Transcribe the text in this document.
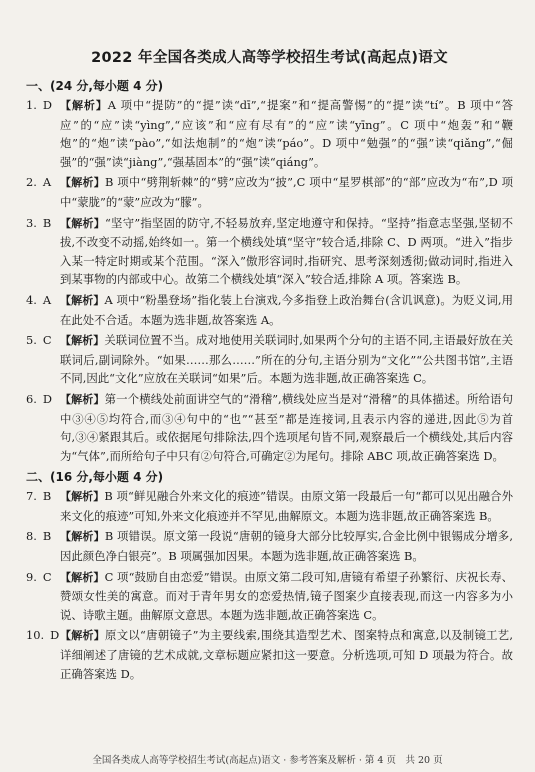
2022 年全国各类成人高等学校招生考试(高起点)语文
一、(24 分,每小题 4 分)
1. D 【解析】A 项中“提防”的“提”读“dī”,“提案”和“提高警惕”的“提”读“tí”。B 项中“答应”的“应”读“yìng”,“应该”和“应有尽有”的“应”读“yīng”。C 项中“炮轰”和“鞭炮”的“炮”读“pào”,“如法炮制”的“炮”读“páo”。D 项中“勉强”的“强”读“qiǎng”,“倔强”的“强”读“jiàng”,“强基固本”的“强”读“qiáng”。
2. A 【解析】B 项中“劈荆斩棘”的“劈”应改为“披”,C 项中“星罗棋部”的“部”应改为“布”,D 项中“蒙胧”的“蒙”应改为“朦”。
3. B 【解析】“坚守”指坚固的防守,不轻易放弃,坚定地遵守和保持。“坚持”指意志坚强,坚韧不拔,不改变不动摇,始终如一。第一个横线处填“坚守”较合适,排除 C、D 两项。“进入”指步入某一特定时期或某个范围。“深入”傲形容词时,指研究、思考深刻透彻;做动词时,指进入到某事物的内部或中心。故第二个横线处填“深入”较合适,排除 A 项。答案选 B。
4. A 【解析】A 项中“粉墨登场”指化装上台演戏,今多指登上政治舞台(含讥讽意)。为贬义词,用在此处不合适。本题为选非题,故答案选 A。
5. C 【解析】关联词位置不当。成对地使用关联词时,如果两个分句的主语不同,主语最好放在关联词后,副词除外。“如果……那么……”所在的分句,主语分别为“文化”“公共图书馆”,主语不同,因此“文化”应放在关联词“如果”后。本题为选非题,故正确答案选 C。
6. D 【解析】第一个横线处前面讲空气的“滑稽”,横线处应当是对“滑稽”的具体描述。所给语句中③④⑤均符合,而③④句中的“也”“甚至”都是连接词,且表示内容的递进,因此⑤为首句,③④紧跟其后。或依据尾句排除法,四个选项尾句皆不同,观察最后一个横线处,其后内容为“气体”,而所给句子中只有②句符合,可确定②为尾句。排除 ABC 项,故正确答案选 D。
二、(16 分,每小题 4 分)
7. B 【解析】B 项“鲜见融合外来文化的痕迹”错误。由原文第一段最后一句“都可以见出融合外来文化的痕迹”可知,外来文化痕迹并不罕见,曲解原文。本题为选非题,故正确答案选 B。
8. B 【解析】B 项错误。原文第一段说“唐朝的镜身大部分比较厚实,合金比例中银锡成分增多,因此颜色净白银亮”。B 项属强加因果。本题为选非题,故正确答案选 B。
9. C 【解析】C 项“鼓励自由恋爱”错误。由原文第二段可知,唐镜有希望子孙繁衍、庆祝长寿、赞颂女性美的寓意。而对于青年男女的恋爱热情,镜子图案少直接表现,而这一内容多为小说、诗歌主题。曲解原文意思。本题为选非题,故正确答案选 C。
10. D 【解析】原文以“唐朝镜子”为主要线索,围绕其造型艺术、图案特点和寓意,以及制镜工艺,详细阐述了唐镜的艺术成就,文章标题应紧扣这一要意。分析选项,可知 D 项最为符合。故正确答案选 D。
全国各类成人高等学校招生考试(高起点)语文 · 参考答案及解析 · 第 4 页　共 20 页
